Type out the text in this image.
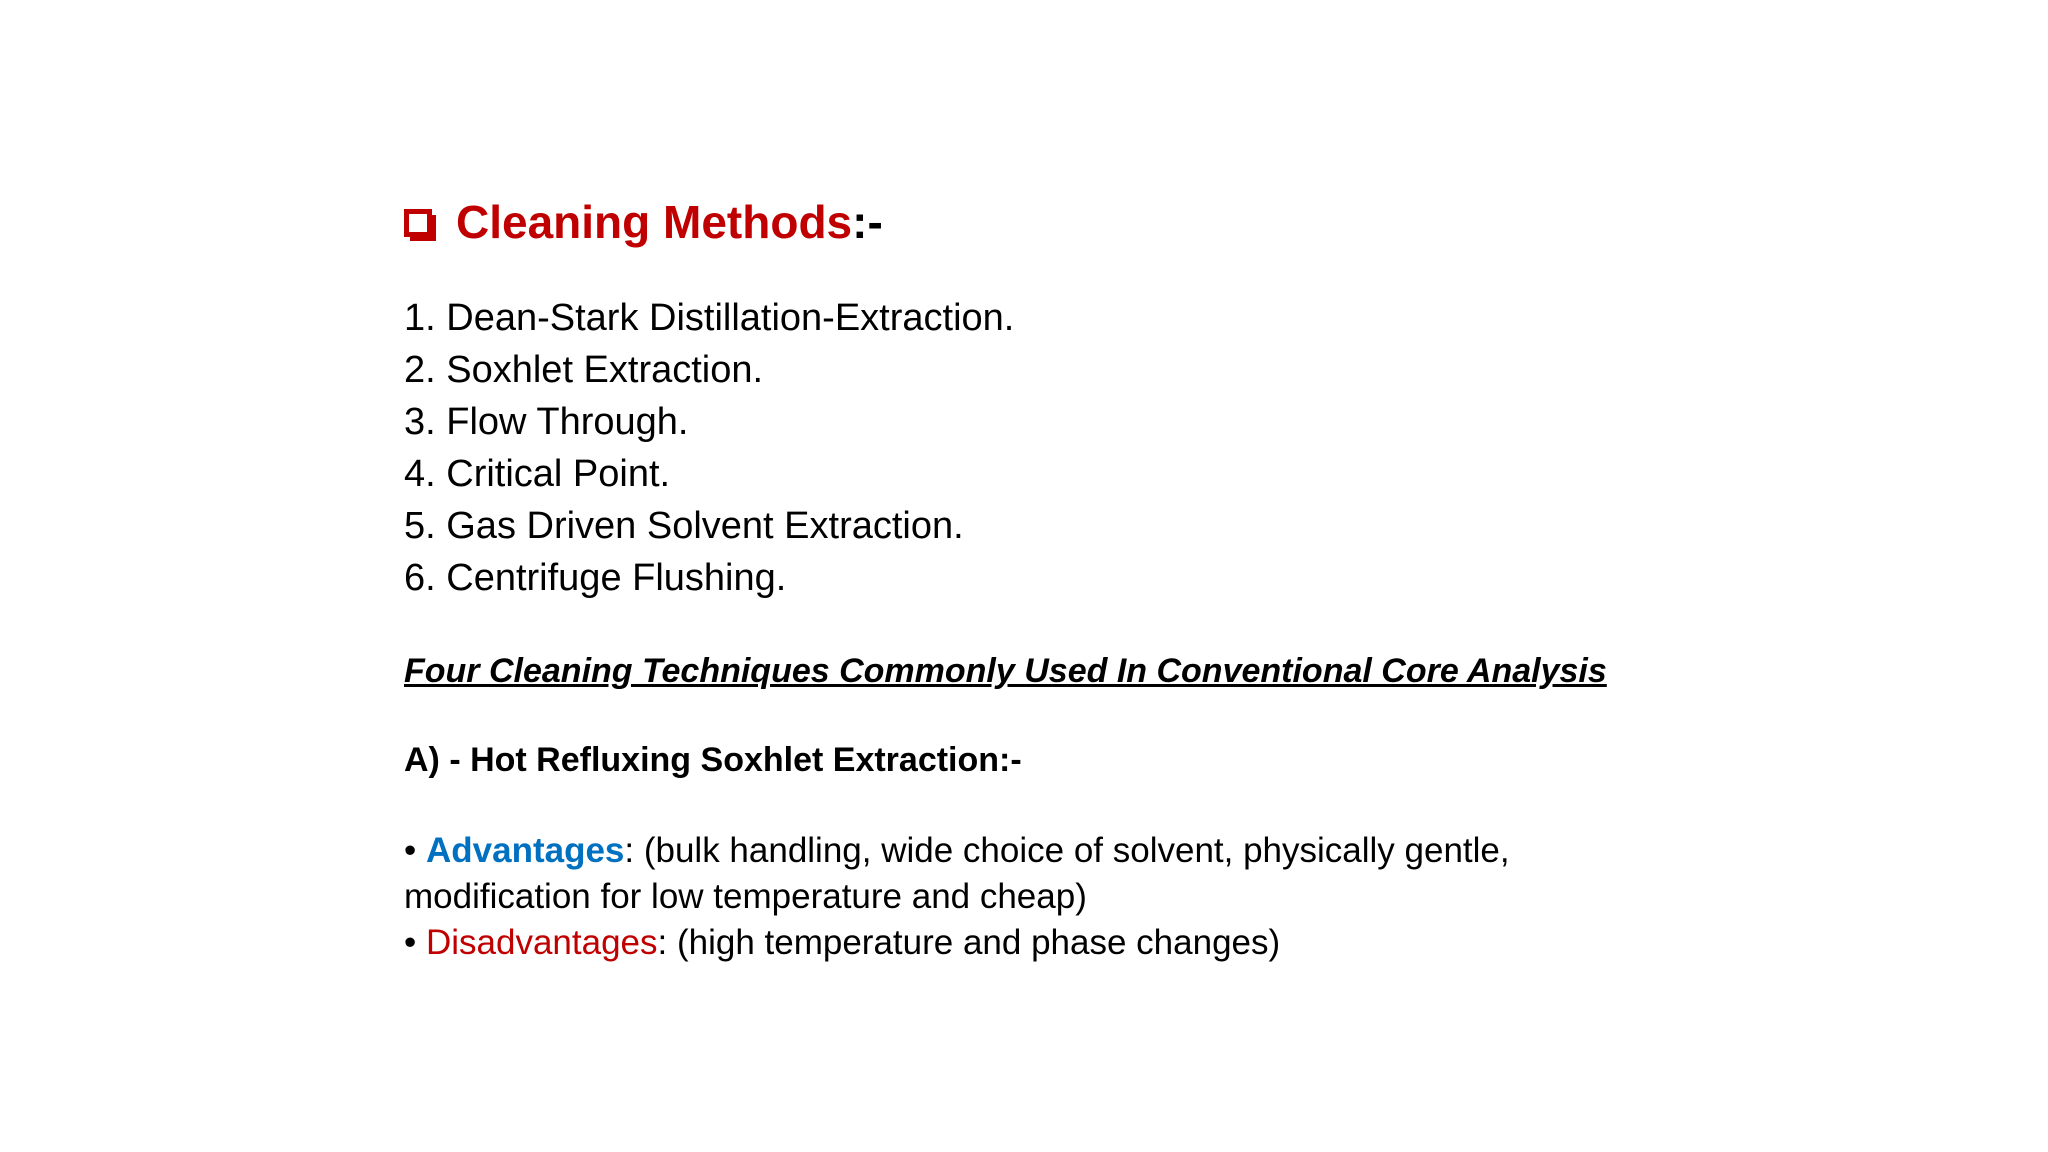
Cleaning Methods :-
1. Dean-Stark Distillation-Extraction.
2. Soxhlet Extraction.
3. Flow Through.
4. Critical Point.
5. Gas Driven Solvent Extraction.
6. Centrifuge Flushing.
Four Cleaning Techniques Commonly Used In Conventional Core Analysis
A) - Hot Refluxing Soxhlet Extraction:-
• Advantages: (bulk handling, wide choice of solvent, physically gentle,
modification for low temperature and cheap)
• Disadvantages: (high temperature and phase changes)
